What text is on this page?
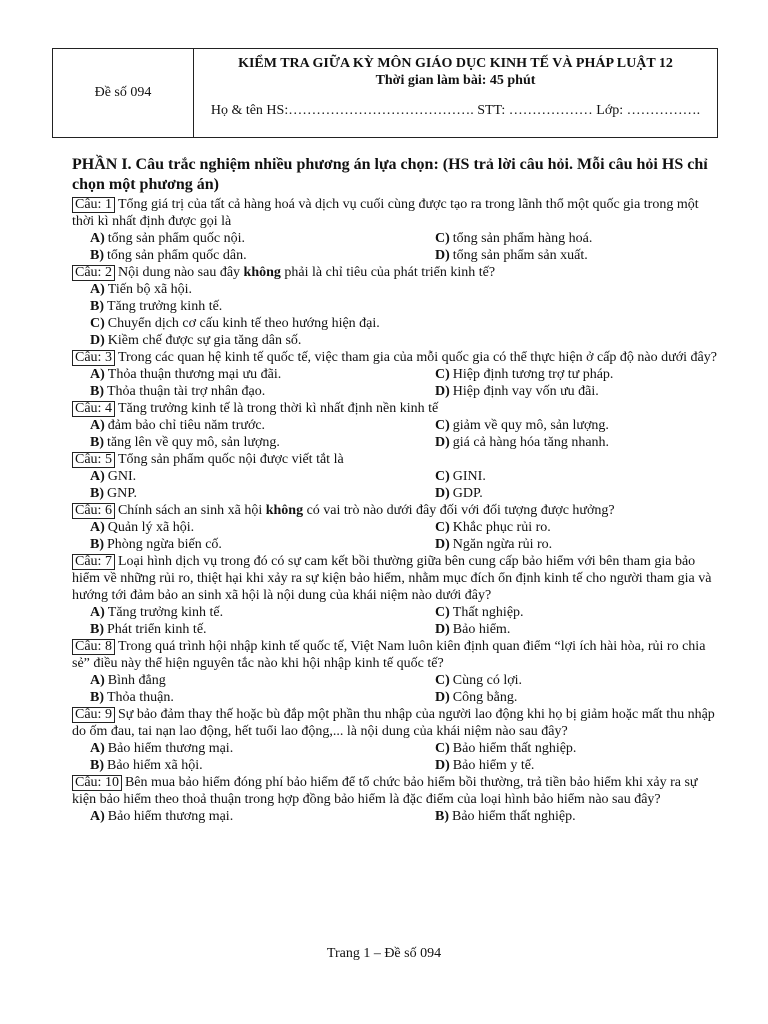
Đề số 094
KIỂM TRA GIỮA KỲ MÔN GIÁO DỤC KINH TẾ VÀ PHÁP LUẬT 12
Thời gian làm bài: 45 phút
Họ & tên HS:…………………………………. STT: ……………… Lớp: …………….
PHẦN I. Câu trắc nghiệm nhiều phương án lựa chọn: (HS trả lời câu hỏi. Mỗi câu hỏi HS chỉ chọn một phương án)
Câu: 1 Tổng giá trị của tất cả hàng hoá và dịch vụ cuối cùng được tạo ra trong lãnh thổ một quốc gia trong một thời kì nhất định được gọi là
A) tổng sản phẩm quốc nội.	C) tổng sản phẩm hàng hoá.
B) tổng sản phẩm quốc dân.	D) tổng sản phẩm sản xuất.
Câu: 2 Nội dung nào sau đây không phải là chỉ tiêu của phát triển kinh tế?
A) Tiến bộ xã hội.
B) Tăng trưởng kinh tế.
C) Chuyển dịch cơ cấu kinh tế theo hướng hiện đại.
D) Kiềm chế được sự gia tăng dân số.
Câu: 3 Trong các quan hệ kinh tế quốc tế, việc tham gia của mỗi quốc gia có thể thực hiện ở cấp độ nào dưới đây?
A) Thỏa thuận thương mại ưu đãi.	C) Hiệp định tương trợ tư pháp.
B) Thỏa thuận tài trợ nhân đạo.	D) Hiệp định vay vốn ưu đãi.
Câu: 4 Tăng trưởng kinh tế là trong thời kì nhất định nền kinh tế
A) đảm bảo chỉ tiêu năm trước.	C) giảm về quy mô, sản lượng.
B) tăng lên về quy mô, sản lượng.	D) giá cả hàng hóa tăng nhanh.
Câu: 5 Tổng sản phẩm quốc nội được viết tắt là
A) GNI.	C) GINI.
B) GNP.	D) GDP.
Câu: 6 Chính sách an sinh xã hội không có vai trò nào dưới đây đối với đối tượng được hưởng?
A) Quản lý xã hội.	C) Khắc phục rủi ro.
B) Phòng ngừa biến cố.	D) Ngăn ngừa rủi ro.
Câu: 7 Loại hình dịch vụ trong đó có sự cam kết bồi thường giữa bên cung cấp bảo hiểm với bên tham gia bảo hiểm về những rủi ro, thiệt hại khi xảy ra sự kiện bảo hiểm, nhằm mục đích ổn định kinh tế cho người tham gia và hướng tới đảm bảo an sinh xã hội là nội dung của khái niệm nào dưới đây?
A) Tăng trưởng kinh tế.	C) Thất nghiệp.
B) Phát triển kinh tế.	D) Bảo hiểm.
Câu: 8 Trong quá trình hội nhập kinh tế quốc tế, Việt Nam luôn kiên định quan điểm “lợi ích hài hòa, rủi ro chia sẻ” điều này thể hiện nguyên tắc nào khi hội nhập kinh tế quốc tế?
A) Bình đẳng	C) Cùng có lợi.
B) Thỏa thuận.	D) Công bằng.
Câu: 9 Sự bảo đảm thay thế hoặc bù đắp một phần thu nhập của người lao động khi họ bị giảm hoặc mất thu nhập do ốm đau, tai nạn lao động, hết tuổi lao động,... là nội dung của khái niệm nào sau đây?
A) Bảo hiểm thương mại.	C) Bảo hiểm thất nghiệp.
B) Bảo hiểm xã hội.	D) Bảo hiểm y tế.
Câu: 10 Bên mua bảo hiểm đóng phí bảo hiểm để tổ chức bảo hiểm bồi thường, trả tiền bảo hiểm khi xảy ra sự kiện bảo hiểm theo thoả thuận trong hợp đồng bảo hiểm là đặc điểm của loại hình bảo hiểm nào sau đây?
A) Bảo hiểm thương mại.	B) Bảo hiểm thất nghiệp.
Trang 1 – Đề số 094
